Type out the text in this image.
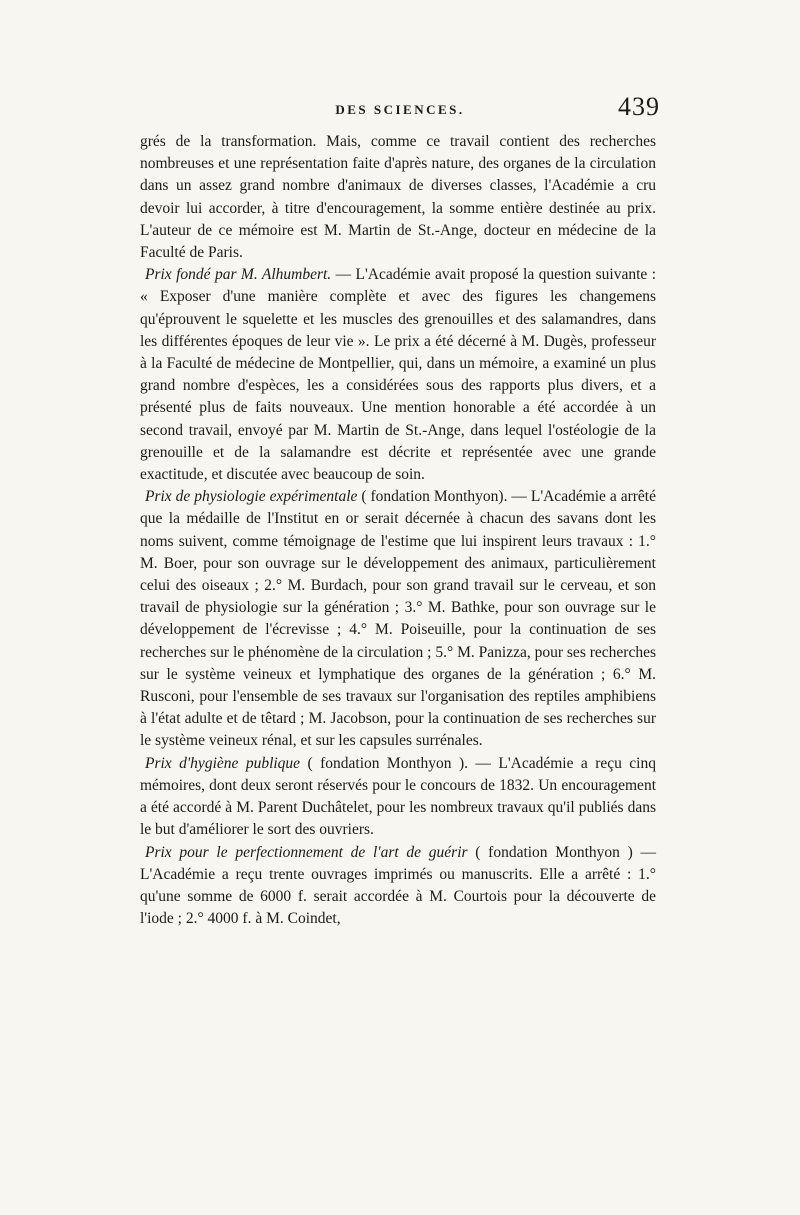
DES SCIENCES.	439

grés de la transformation. Mais, comme ce travail contient des recherches nombreuses et une représentation faite d'après nature, des organes de la circulation dans un assez grand nombre d'animaux de diverses classes, l'Académie a cru devoir lui accorder, à titre d'encouragement, la somme entière destinée au prix. L'auteur de ce mémoire est M. Martin de St.-Ange, docteur en médecine de la Faculté de Paris.

Prix fondé par M. Alhumbert. — L'Académie avait proposé la question suivante : « Exposer d'une manière complète et avec des figures les changemens qu'éprouvent le squelette et les muscles des grenouilles et des salamandres, dans les différentes époques de leur vie ». Le prix a été décerné à M. Dugès, professeur à la Faculté de médecine de Montpellier, qui, dans un mémoire, a examiné un plus grand nombre d'espèces, les a considérées sous des rapports plus divers, et a présenté plus de faits nouveaux. Une mention honorable a été accordée à un second travail, envoyé par M. Martin de St.-Ange, dans lequel l'ostéologie de la grenouille et de la salamandre est décrite et représentée avec une grande exactitude, et discutée avec beaucoup de soin.

Prix de physiologie expérimentale ( fondation Monthyon). — L'Académie a arrêté que la médaille de l'Institut en or serait décernée à chacun des savans dont les noms suivent, comme témoignage de l'estime que lui inspirent leurs travaux : 1.° M. Boer, pour son ouvrage sur le développement des animaux, particulièrement celui des oiseaux ; 2.° M. Burdach, pour son grand travail sur le cerveau, et son travail de physiologie sur la génération ; 3.° M. Bathke, pour son ouvrage sur le développement de l'écrevisse ; 4.° M. Poiseuille, pour la continuation de ses recherches sur le phénomène de la circulation ; 5.° M. Panizza, pour ses recherches sur le système veineux et lymphatique des organes de la génération ; 6.° M. Rusconi, pour l'ensemble de ses travaux sur l'organisation des reptiles amphibiens à l'état adulte et de têtard ; M. Jacobson, pour la continuation de ses recherches sur le système veineux rénal, et sur les capsules surrénales.

Prix d'hygiène publique ( fondation Monthyon ). — L'Académie a reçu cinq mémoires, dont deux seront réservés pour le concours de 1832. Un encouragement a été accordé à M. Parent Duchâtelet, pour les nombreux travaux qu'il publiés dans le but d'améliorer le sort des ouvriers.

Prix pour le perfectionnement de l'art de guérir ( fondation Monthyon ) — L'Académie a reçu trente ouvrages imprimés ou manuscrits. Elle a arrêté : 1.° qu'une somme de 6000 f. serait accordée à M. Courtois pour la découverte de l'iode ; 2.° 4000 f. à M. Coindet,
